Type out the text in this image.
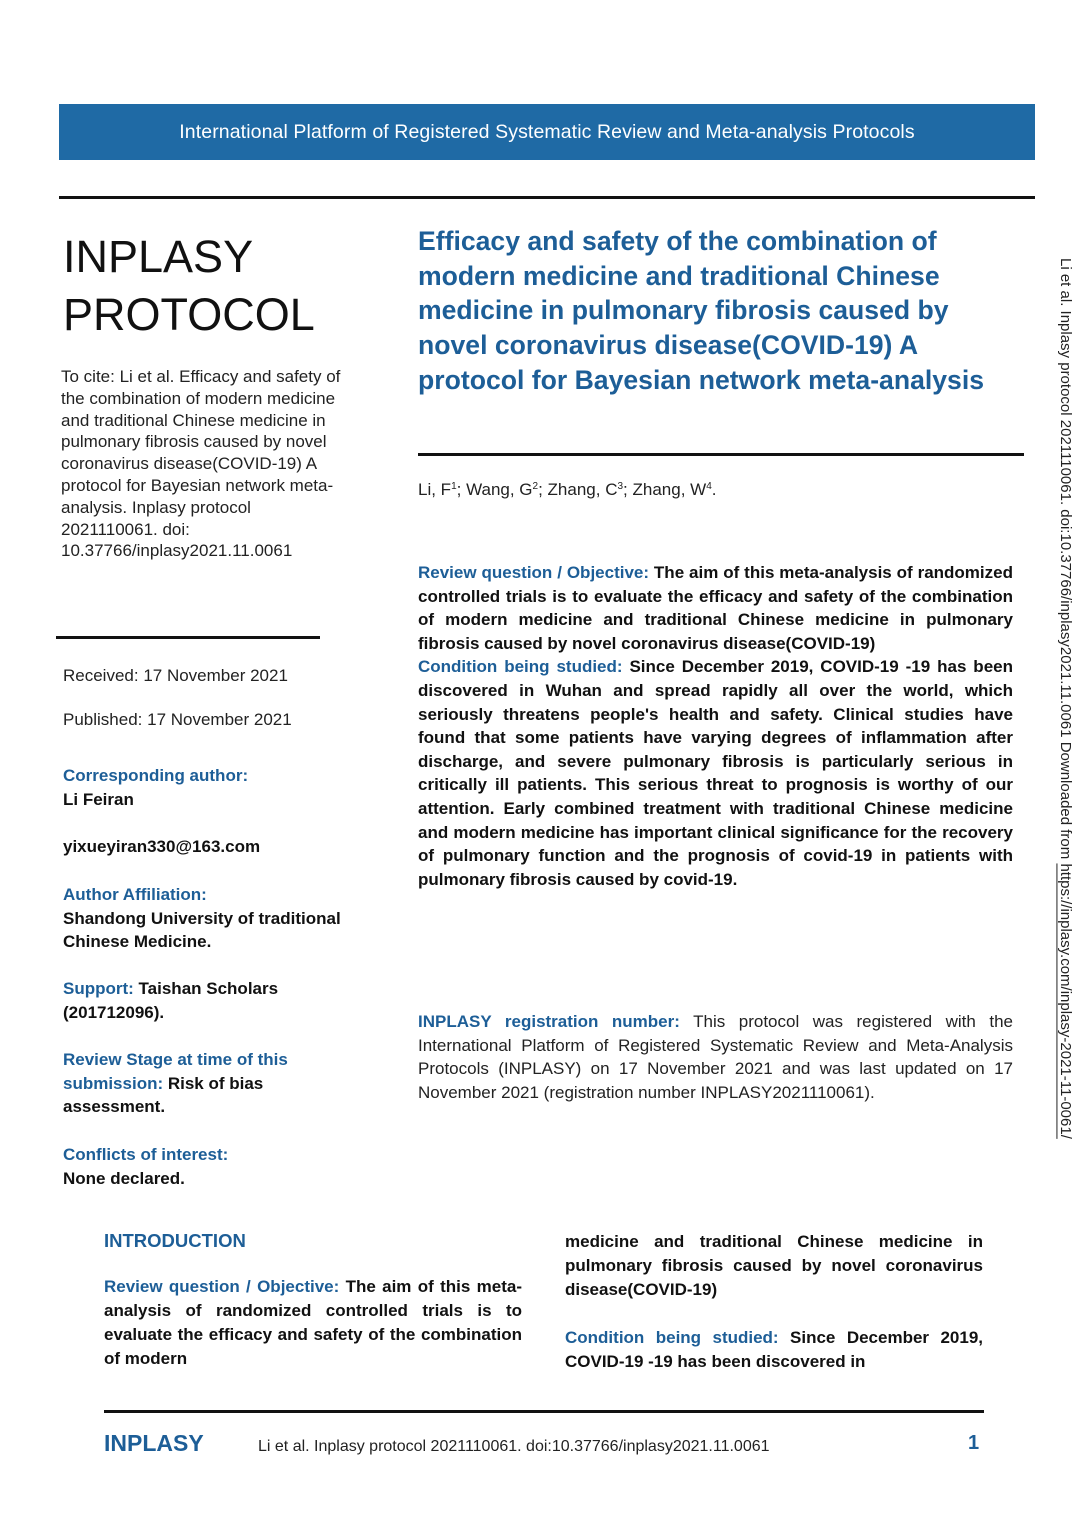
International Platform of Registered Systematic Review and Meta-analysis Protocols
INPLASY
PROTOCOL
To cite: Li et al. Efficacy and safety of the combination of modern medicine and traditional Chinese medicine in pulmonary fibrosis caused by novel coronavirus disease(COVID-19) A protocol for Bayesian network meta-analysis. Inplasy protocol 2021110061. doi: 10.37766/inplasy2021.11.0061
Received: 17 November 2021
Published: 17 November 2021
Corresponding author:
Li Feiran
yixueyiran330@163.com
Author Affiliation:
Shandong University of traditional Chinese Medicine.
Support: Taishan Scholars (201712096).
Review Stage at time of this submission: Risk of bias assessment.
Conflicts of interest:
None declared.
Efficacy and safety of the combination of modern medicine and traditional Chinese medicine in pulmonary fibrosis caused by novel coronavirus disease(COVID-19) A protocol for Bayesian network meta-analysis
Li, $F^1$; Wang, $G^2$; Zhang, $C^3$; Zhang, $W^4$.
Review question / Objective: The aim of this meta-analysis of randomized controlled trials is to evaluate the efficacy and safety of the combination of modern medicine and traditional Chinese medicine in pulmonary fibrosis caused by novel coronavirus disease(COVID-19)
Condition being studied: Since December 2019, COVID-19 -19 has been discovered in Wuhan and spread rapidly all over the world, which seriously threatens people's health and safety. Clinical studies have found that some patients have varying degrees of inflammation after discharge, and severe pulmonary fibrosis is particularly serious in critically ill patients. This serious threat to prognosis is worthy of our attention. Early combined treatment with traditional Chinese medicine and modern medicine has important clinical significance for the recovery of pulmonary function and the prognosis of covid-19 in patients with pulmonary fibrosis caused by covid-19.
INPLASY registration number: This protocol was registered with the International Platform of Registered Systematic Review and Meta-Analysis Protocols (INPLASY) on 17 November 2021 and was last updated on 17 November 2021 (registration number INPLASY2021110061).
Li et al. Inplasy protocol 2021110061. doi:10.37766/inplasy2021.11.0061 Downloaded from https://inplasy.com/inplasy-2021-11-0061/
INTRODUCTION
Review question / Objective: The aim of this meta-analysis of randomized controlled trials is to evaluate the efficacy and safety of the combination of modern
medicine and traditional Chinese medicine in pulmonary fibrosis caused by novel coronavirus disease(COVID-19)
Condition being studied: Since December 2019, COVID-19 -19 has been discovered in
INPLASY	Li et al. Inplasy protocol 2021110061. doi:10.37766/inplasy2021.11.0061	1
